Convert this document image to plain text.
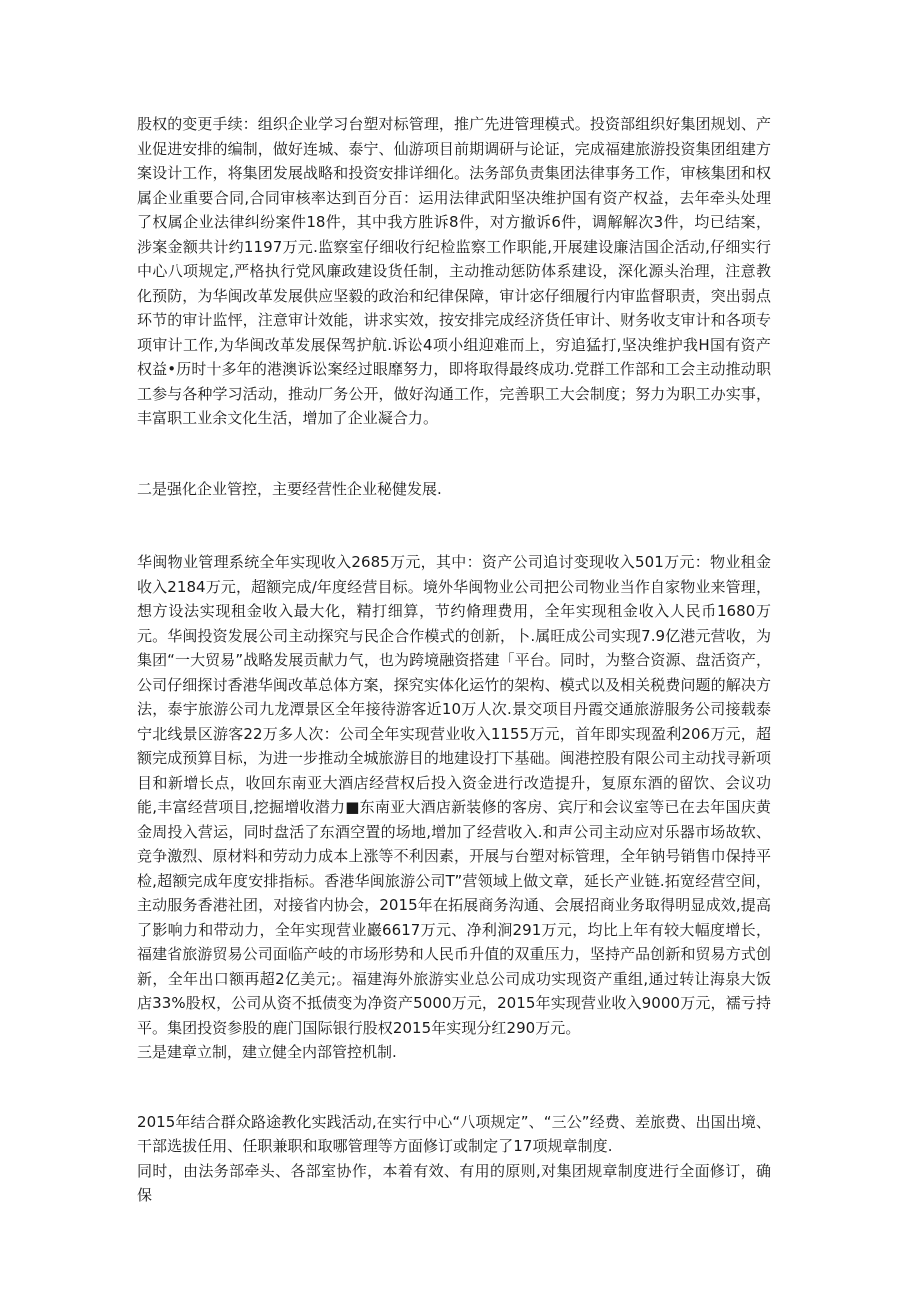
股权的变更手续：组织企业学习台塑对标管理，推广先进管理模式。投资部组织好集团规划、产业促进安排的编制，做好连城、泰宁、仙游项目前期调研与论证，完成福建旅游投资集团组建方案设计工作，将集团发展战略和投资安排详细化。法务部负责集团法律事务工作，审核集团和权属企业重要合同,合同审核率达到百分百：运用法律武阳坚决维护国有资产权益，去年牵头处理了权属企业法律纠纷案件18件，其中我方胜诉8件，对方撤诉6件，调解解次3件，均已结案，涉案金额共计约1197万元.监察室仔细收行纪检监察工作职能,开展建设廉洁国企活动,仔细实行中心八项规定,严格执行党风廉政建设货任制，主动推动惩防体系建设，深化源头治理，注意教化预防，为华闽改革发展供应坚毅的政治和纪律保障，审计宓仔细履行内审监督职责，突出弱点环节的审计监怦，注意审计效能，讲求实效，按安排完成经济货任审计、财务收支审计和各项专项审计工作,为华闽改革发展保驾护航.诉讼4项小组迎难而上，穷追猛打,坚决维护我H国有资产权益•历时十多年的港澳诉讼案经过眼靡努力，即将取得最终成功.党群工作部和工会主动推动职工参与各种学习活动，推动厂务公开，做好沟通工作，完善职工大会制度；努力为职工办实事，丰富职工业余文化生活，增加了企业凝合力。

二是强化企业管控，主要经营性企业秘健发展.

华闽物业管理系统全年实现收入2685万元，其中：资产公司追讨变现收入501万元：物业租金收入2184万元，超额完成/年度经营目标。境外华闽物业公司把公司物业当作自家物业来管理，想方设法实现租金收入最大化，精打细算，节约脩理费用，全年实现租金收入人民币1680万元。华闽投资发展公司主动探究与民企合作模式的创新，卜.属旺成公司实现7.9亿港元营收，为集团“一大贸易”战略发展贡献力气，也为跨境融资搭建「平台。同时，为整合资源、盘活资产，公司仔细探讨香港华闽改革总体方案，探究实体化运竹的架构、模式以及相关税费问题的解决方法，泰宇旅游公司九龙潭景区全年接待游客近10万人次.景交项目丹霞交通旅游服务公司接载泰宁北线景区游客22万多人次：公司全年实现营业收入1155万元，首年即实现盈利206万元，超额完成预算目标，为进一步推动全城旅游目的地建设打下基础。闽港控股有限公司主动找寻新项目和新增长点，收回东南亚大酒店经营权后投入资金进行改造提升，复原东酒的留饮、会议功能,丰富经营项目,挖掘增收潜力■东南亚大酒店新装修的客房、宾厅和会议室等已在去年国庆黄金周投入营运，同时盘活了东酒空置的场地,增加了经营收入.和声公司主动应对乐器市场故软、竞争激烈、原材料和劳动力成本上涨等不利因素，开展与台塑对标管理，全年钠号销售巾保持平检,超额完成年度安排指标。香港华闽旅游公司T”营领域上做文章，延长产业链.拓宽经营空间，主动服务香港社团，对接省内协会，2015年在拓展商务沟通、会展招商业务取得明显成效,提高了影响力和带动力，全年实现营业巖6617万元、净利涧291万元，均比上年有较大幅度增长，福建省旅游贸易公司面临产岐的市场形势和人民币升值的双重压力，坚持产品创新和贸易方式创新，全年出口额再超2亿美元;。福建海外旅游实业总公司成功实现资产重组,通过转让海泉大饭店33%股权，公司从资不抵债变为净资产5000万元，2015年实现营业收入9000万元，襦亏持平。集团投资参股的鹿门国际银行股权2015年实现分红290万元。

三是建章立制，建立健全内部管控机制.

2015年结合群众路途教化实践活动,在实行中心“八项规定”、“三公”经费、差旅费、出国出境、干部选拔任用、任职兼职和取哪管理等方面修订或制定了17项规章制度.

同时，由法务部牵头、各部室协作，本着有效、有用的原则,对集团规章制度进行全面修订，确保
